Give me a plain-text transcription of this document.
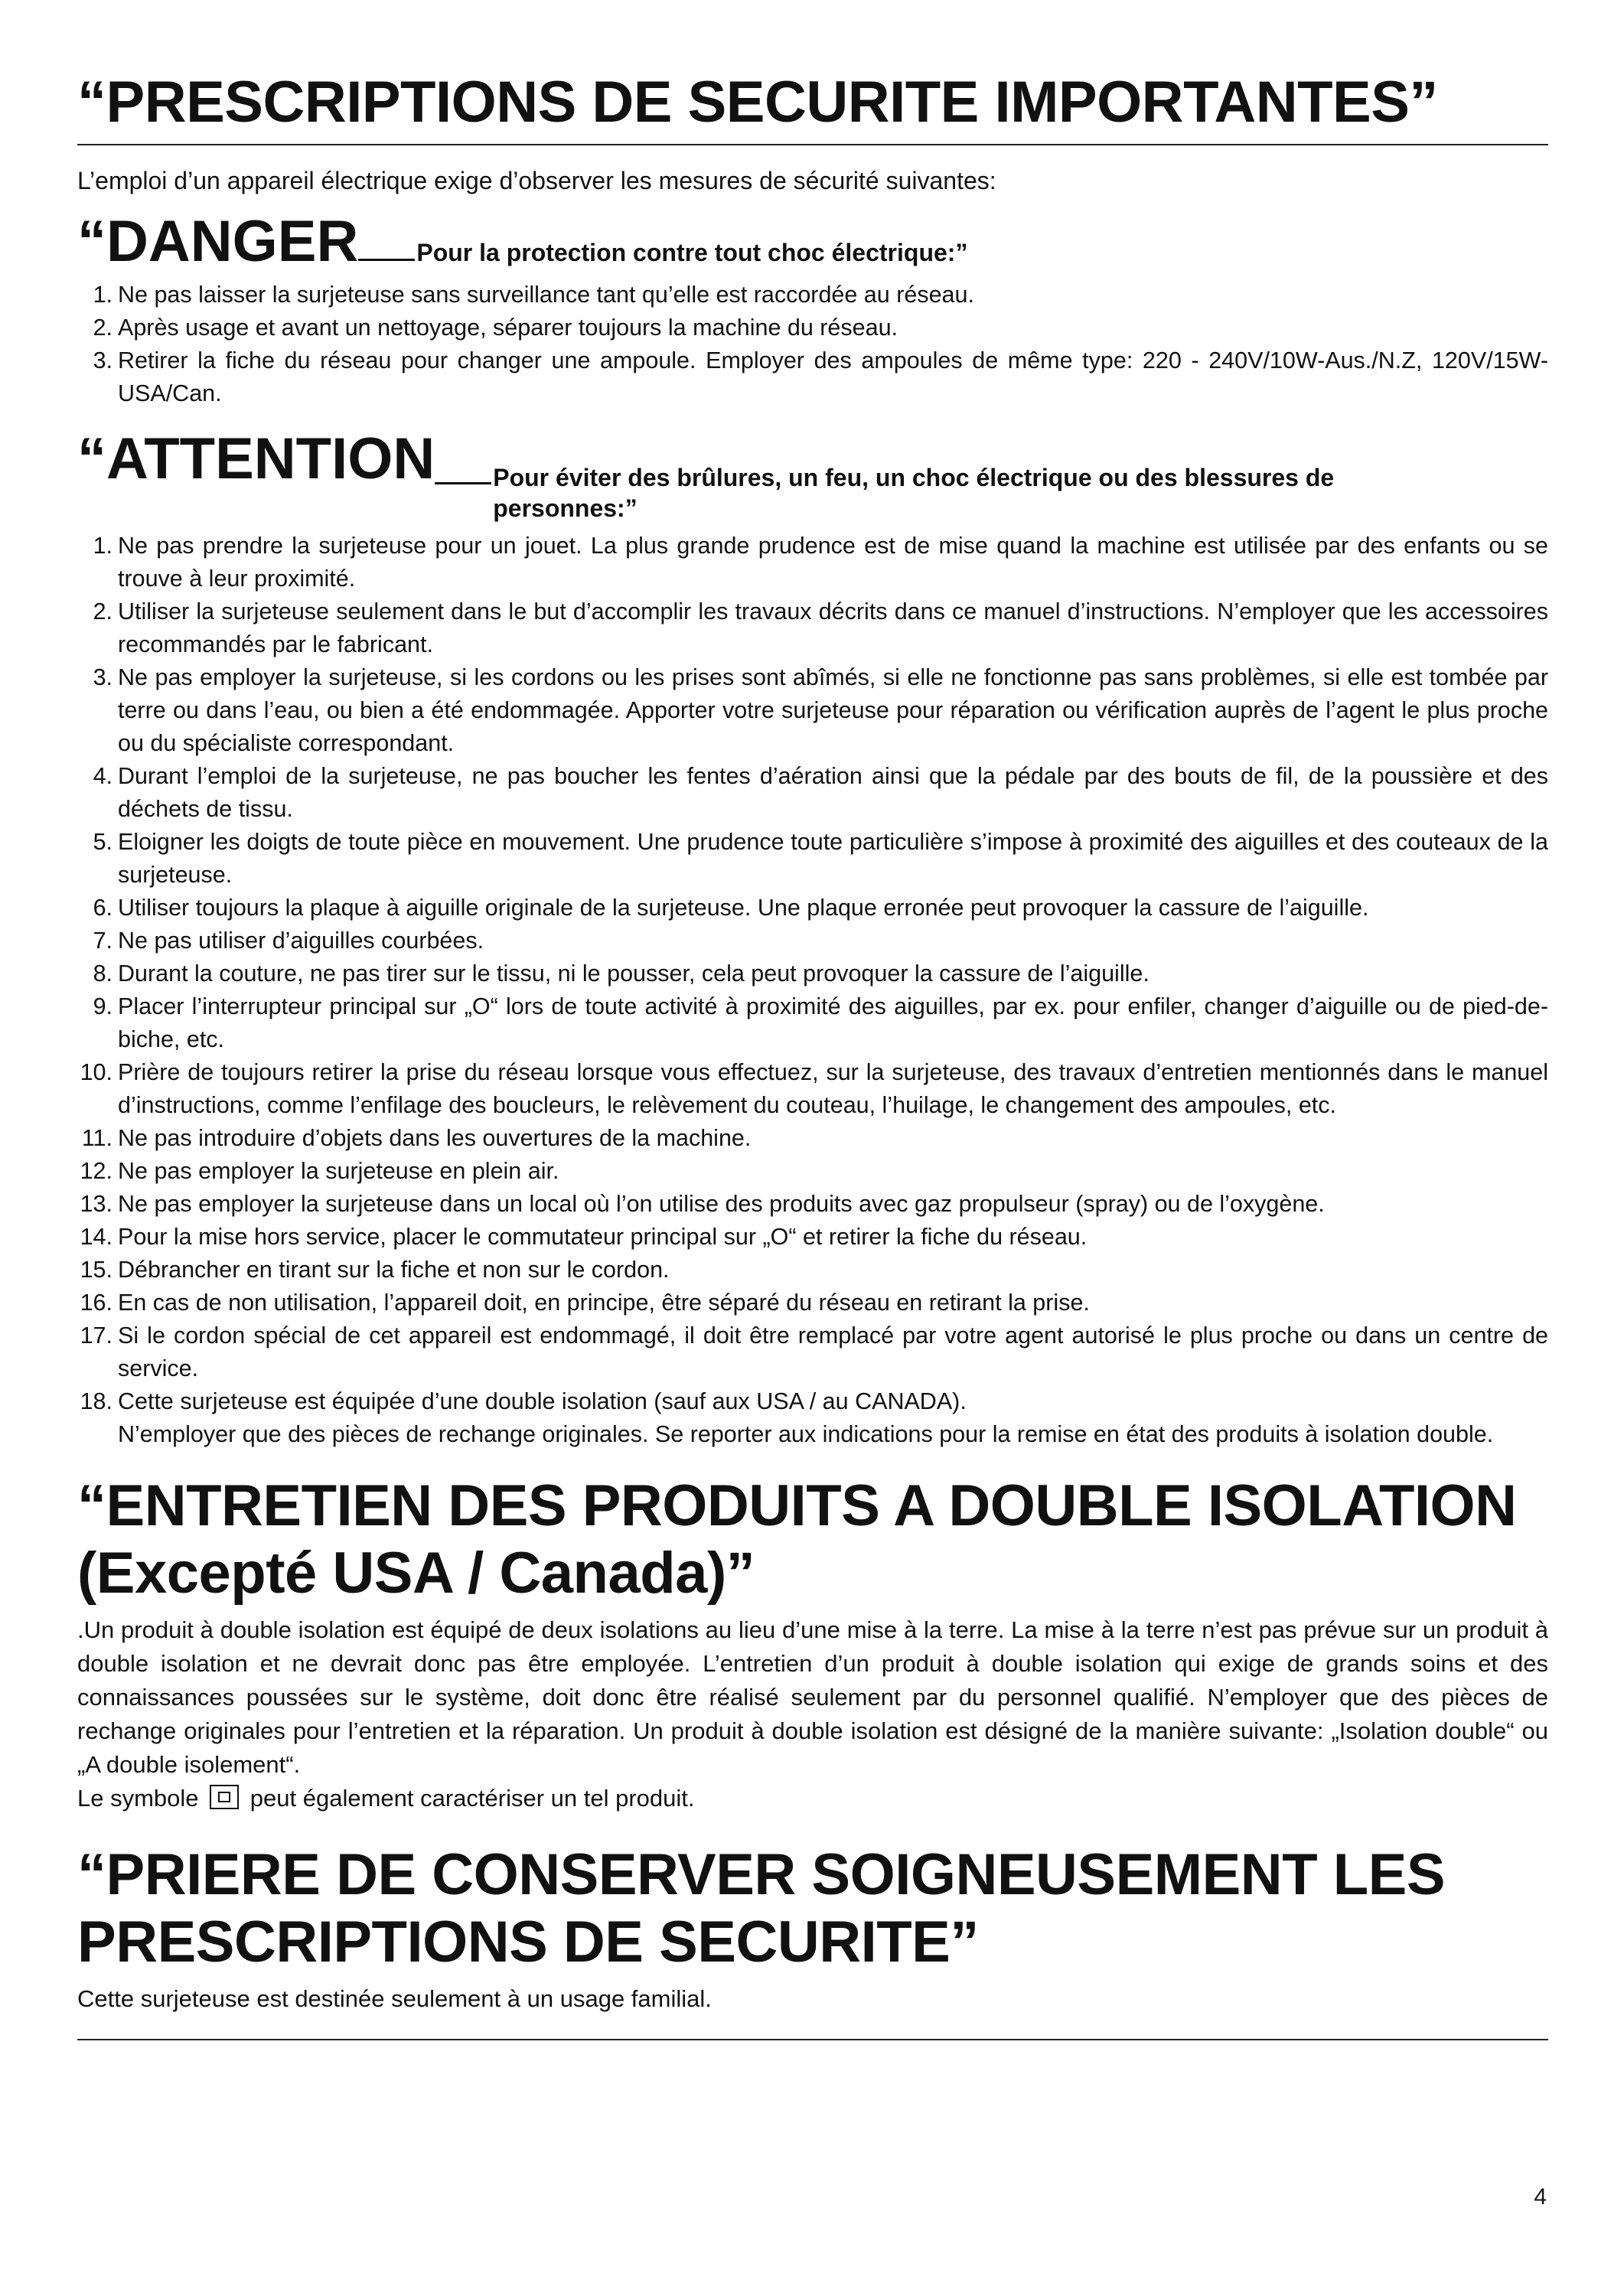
“PRESCRIPTIONS DE SECURITE IMPORTANTES”

L’emploi d’un appareil électrique exige d’observer les mesures de sécurité suivantes:

“DANGER Pour la protection contre tout choc électrique:”
1. Ne pas laisser la surjeteuse sans surveillance tant qu’elle est raccordée au réseau.
2. Après usage et avant un nettoyage, séparer toujours la machine du réseau.
3. Retirer la fiche du réseau pour changer une ampoule. Employer des ampoules de même type: 220 - 240V/10W-Aus./N.Z, 120V/15W-USA/Can.
“ATTENTION Pour éviter des brûlures, un feu, un choc électrique ou des blessures de personnes:”
1. Ne pas prendre la surjeteuse pour un jouet. La plus grande prudence est de mise quand la machine est utilisée par des enfants ou se trouve à leur proximité.
2. Utiliser la surjeteuse seulement dans le but d’accomplir les travaux décrits dans ce manuel d’instructions. N’employer que les accessoires recommandés par le fabricant.
3. Ne pas employer la surjeteuse, si les cordons ou les prises sont abîmés, si elle ne fonctionne pas sans problèmes, si elle est tombée par terre ou dans l’eau, ou bien a été endommagée. Apporter votre surjeteuse pour réparation ou vérification auprès de l’agent le plus proche ou du spécialiste correspondant.
4. Durant l’emploi de la surjeteuse, ne pas boucher les fentes d’aération ainsi que la pédale par des bouts de fil, de la poussière et des déchets de tissu.
5. Eloigner les doigts de toute pièce en mouvement. Une prudence toute particulière s’impose à proximité des aiguilles et des couteaux de la surjeteuse.
6. Utiliser toujours la plaque à aiguille originale de la surjeteuse. Une plaque erronée peut provoquer la cassure de l’aiguille.
7. Ne pas utiliser d’aiguilles courbées.
8. Durant la couture, ne pas tirer sur le tissu, ni le pousser, cela peut provoquer la cassure de l’aiguille.
9. Placer l’interrupteur principal sur „O“ lors de toute activité à proximité des aiguilles, par ex. pour enfiler, changer d’aiguille ou de pied-de-biche, etc.
10. Prière de toujours retirer la prise du réseau lorsque vous effectuez, sur la surjeteuse, des travaux d’entretien mentionnés dans le manuel d’instructions, comme l’enfilage des boucleurs, le relèvement du couteau, l’huilage, le changement des ampoules, etc.
11. Ne pas introduire d’objets dans les ouvertures de la machine.
12. Ne pas employer la surjeteuse en plein air.
13. Ne pas employer la surjeteuse dans un local où l’on utilise des produits avec gaz propulseur (spray) ou de l’oxygène.
14. Pour la mise hors service, placer le commutateur principal sur „O“ et retirer la fiche du réseau.
15. Débrancher en tirant sur la fiche et non sur le cordon.
16. En cas de non utilisation, l’appareil doit, en principe, être séparé du réseau en retirant la prise.
17. Si le cordon spécial de cet appareil est endommagé, il doit être remplacé par votre agent autorisé le plus proche ou dans un centre de service.
18. Cette surjeteuse est équipée d’une double isolation (sauf aux USA / au CANADA).
N’employer que des pièces de rechange originales. Se reporter aux indications pour la remise en état des produits à isolation double.
“ENTRETIEN DES PRODUITS A DOUBLE ISOLATION (Excepté USA / Canada)”

.Un produit à double isolation est équipé de deux isolations au lieu d’une mise à la terre. La mise à la terre n’est pas prévue sur un produit à double isolation et ne devrait donc pas être employée. L’entretien d’un produit à double isolation qui exige de grands soins et des connaissances poussées sur le système, doit donc être réalisé seulement par du personnel qualifié. N’employer que des pièces de rechange originales pour l’entretien et la réparation. Un produit à double isolation est désigné de la manière suivante: „Isolation double“ ou „A double isolement“.

Le symbole peut également caractériser un tel produit.

“PRIERE DE CONSERVER SOIGNEUSEMENT LES PRESCRIPTIONS DE SECURITE”

Cette surjeteuse est destinée seulement à un usage familial.

4
